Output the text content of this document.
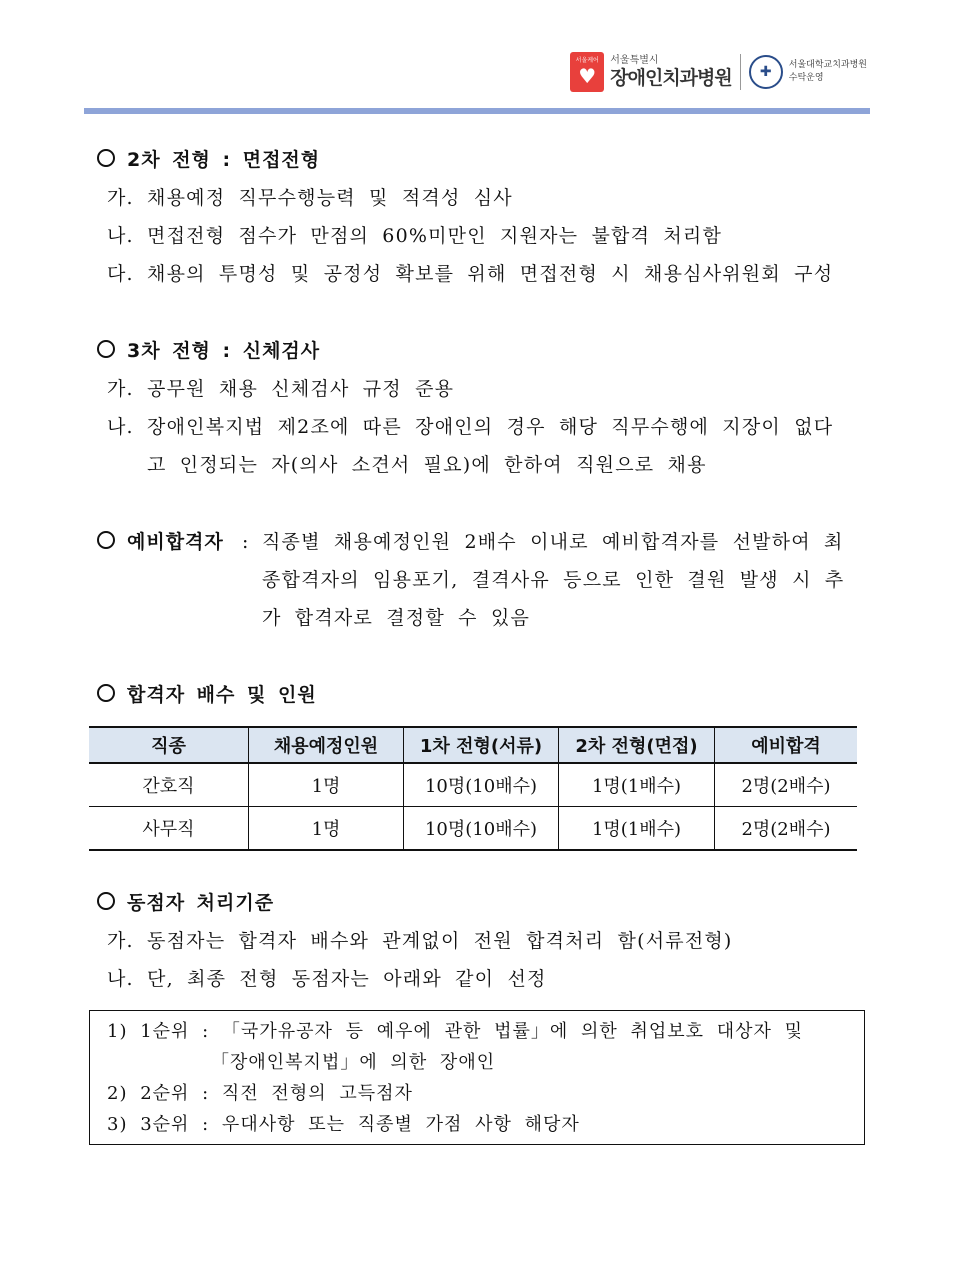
서울케어
♥
서울특별시
장애인치과병원	✚	서울대학교치과병원
수탁운영
2차 전형 : 면접전형
가. 채용예정 직무수행능력 및 적격성 심사
나. 면접전형 점수가 만점의 60%미만인 지원자는 불합격 처리함
다. 채용의 투명성 및 공정성 확보를 위해 면접전형 시 채용심사위원회 구성
3차 전형 : 신체검사
가. 공무원 채용 신체검사 규정 준용
나. 장애인복지법 제2조에 따른 장애인의 경우 해당 직무수행에 지장이 없다
고 인정되는 자(의사 소견서 필요)에 한하여 직원으로 채용
예비합격자 : 직종별 채용예정인원 2배수 이내로 예비합격자를 선발하여 최
종합격자의 임용포기, 결격사유 등으로 인한 결원 발생 시 추
가 합격자로 결정할 수 있음
합격자 배수 및 인원
직종	채용예정인원	1차 전형(서류)	2차 전형(면접)	예비합격
간호직	1명	10명(10배수)	1명(1배수)	2명(2배수)
사무직	1명	10명(10배수)	1명(1배수)	2명(2배수)
동점자 처리기준
가. 동점자는 합격자 배수와 관계없이 전원 합격처리 함(서류전형)
나. 단, 최종 전형 동점자는 아래와 같이 선정
1) 1순위 : 「국가유공자 등 예우에 관한 법률」에 의한 취업보호 대상자 및
「장애인복지법」에 의한 장애인
2) 2순위 : 직전 전형의 고득점자
3) 3순위 : 우대사항 또는 직종별 가점 사항 해당자
